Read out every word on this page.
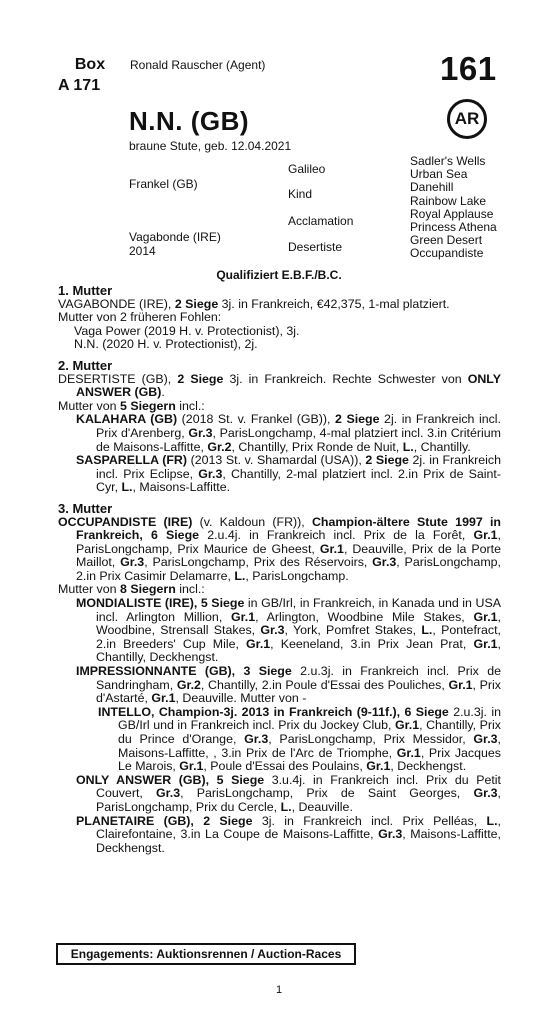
Box
A 171
Ronald Rauscher (Agent)	161
AR
N.N. (GB)
braune Stute, geb. 12.04.2021
Frankel (GB)
Galileo
Kind
Vagabonde (IRE)
2014
Acclamation
Desertiste
Sadler's Wells
Urban Sea
Danehill
Rainbow Lake
Royal Applause
Princess Athena
Green Desert
Occupandiste
Qualifiziert E.B.F./B.C.

1. Mutter

VAGABONDE (IRE), 2 Siege 3j. in Frankreich, €42,375, 1-mal platziert.

Mutter von 2 früheren Fohlen:

Vaga Power (2019 H. v. Protectionist), 3j.

N.N. (2020 H. v. Protectionist), 2j.

2. Mutter

DESERTISTE (GB), 2 Siege 3j. in Frankreich. Rechte Schwester von ONLY ANSWER (GB).

Mutter von 5 Siegern incl.:

KALAHARA (GB) (2018 St. v. Frankel (GB)), 2 Siege 2j. in Frankreich incl. Prix d'Arenberg, Gr.3, ParisLongchamp, 4-mal platziert incl. 3.in Critérium de Maisons-Laffitte, Gr.2, Chantilly, Prix Ronde de Nuit, L., Chantilly.

SASPARELLA (FR) (2013 St. v. Shamardal (USA)), 2 Siege 2j. in Frankreich incl. Prix Eclipse, Gr.3, Chantilly, 2-mal platziert incl. 2.in Prix de Saint-Cyr, L., Maisons-Laffitte.

3. Mutter

OCCUPANDISTE (IRE) (v. Kaldoun (FR)), Champion-ältere Stute 1997 in Frankreich, 6 Siege 2.u.4j. in Frankreich incl. Prix de la Forêt, Gr.1, ParisLongchamp, Prix Maurice de Gheest, Gr.1, Deauville, Prix de la Porte Maillot, Gr.3, ParisLongchamp, Prix des Réservoirs, Gr.3, ParisLongchamp, 2.in Prix Casimir Delamarre, L., ParisLongchamp.

Mutter von 8 Siegern incl.:

MONDIALISTE (IRE), 5 Siege in GB/Irl, in Frankreich, in Kanada und in USA incl. Arlington Million, Gr.1, Arlington, Woodbine Mile Stakes, Gr.1, Woodbine, Strensall Stakes, Gr.3, York, Pomfret Stakes, L., Pontefract, 2.in Breeders' Cup Mile, Gr.1, Keeneland, 3.in Prix Jean Prat, Gr.1, Chantilly, Deckhengst.

IMPRESSIONNANTE (GB), 3 Siege 2.u.3j. in Frankreich incl. Prix de Sandringham, Gr.2, Chantilly, 2.in Poule d'Essai des Pouliches, Gr.1, Prix d'Astarté, Gr.1, Deauville. Mutter von -

INTELLO, Champion-3j. 2013 in Frankreich (9-11f.), 6 Siege 2.u.3j. in GB/Irl und in Frankreich incl. Prix du Jockey Club, Gr.1, Chantilly, Prix du Prince d'Orange, Gr.3, ParisLongchamp, Prix Messidor, Gr.3, Maisons-Laffitte, , 3.in Prix de l'Arc de Triomphe, Gr.1, Prix Jacques Le Marois, Gr.1, Poule d'Essai des Poulains, Gr.1, Deckhengst.

ONLY ANSWER (GB), 5 Siege 3.u.4j. in Frankreich incl. Prix du Petit Couvert, Gr.3, ParisLongchamp, Prix de Saint Georges, Gr.3, ParisLongchamp, Prix du Cercle, L., Deauville.

PLANETAIRE (GB), 2 Siege 3j. in Frankreich incl. Prix Pelléas, L., Clairefontaine, 3.in La Coupe de Maisons-Laffitte, Gr.3, Maisons-Laffitte, Deckhengst.

Engagements: Auktionsrennen / Auction-Races
1
